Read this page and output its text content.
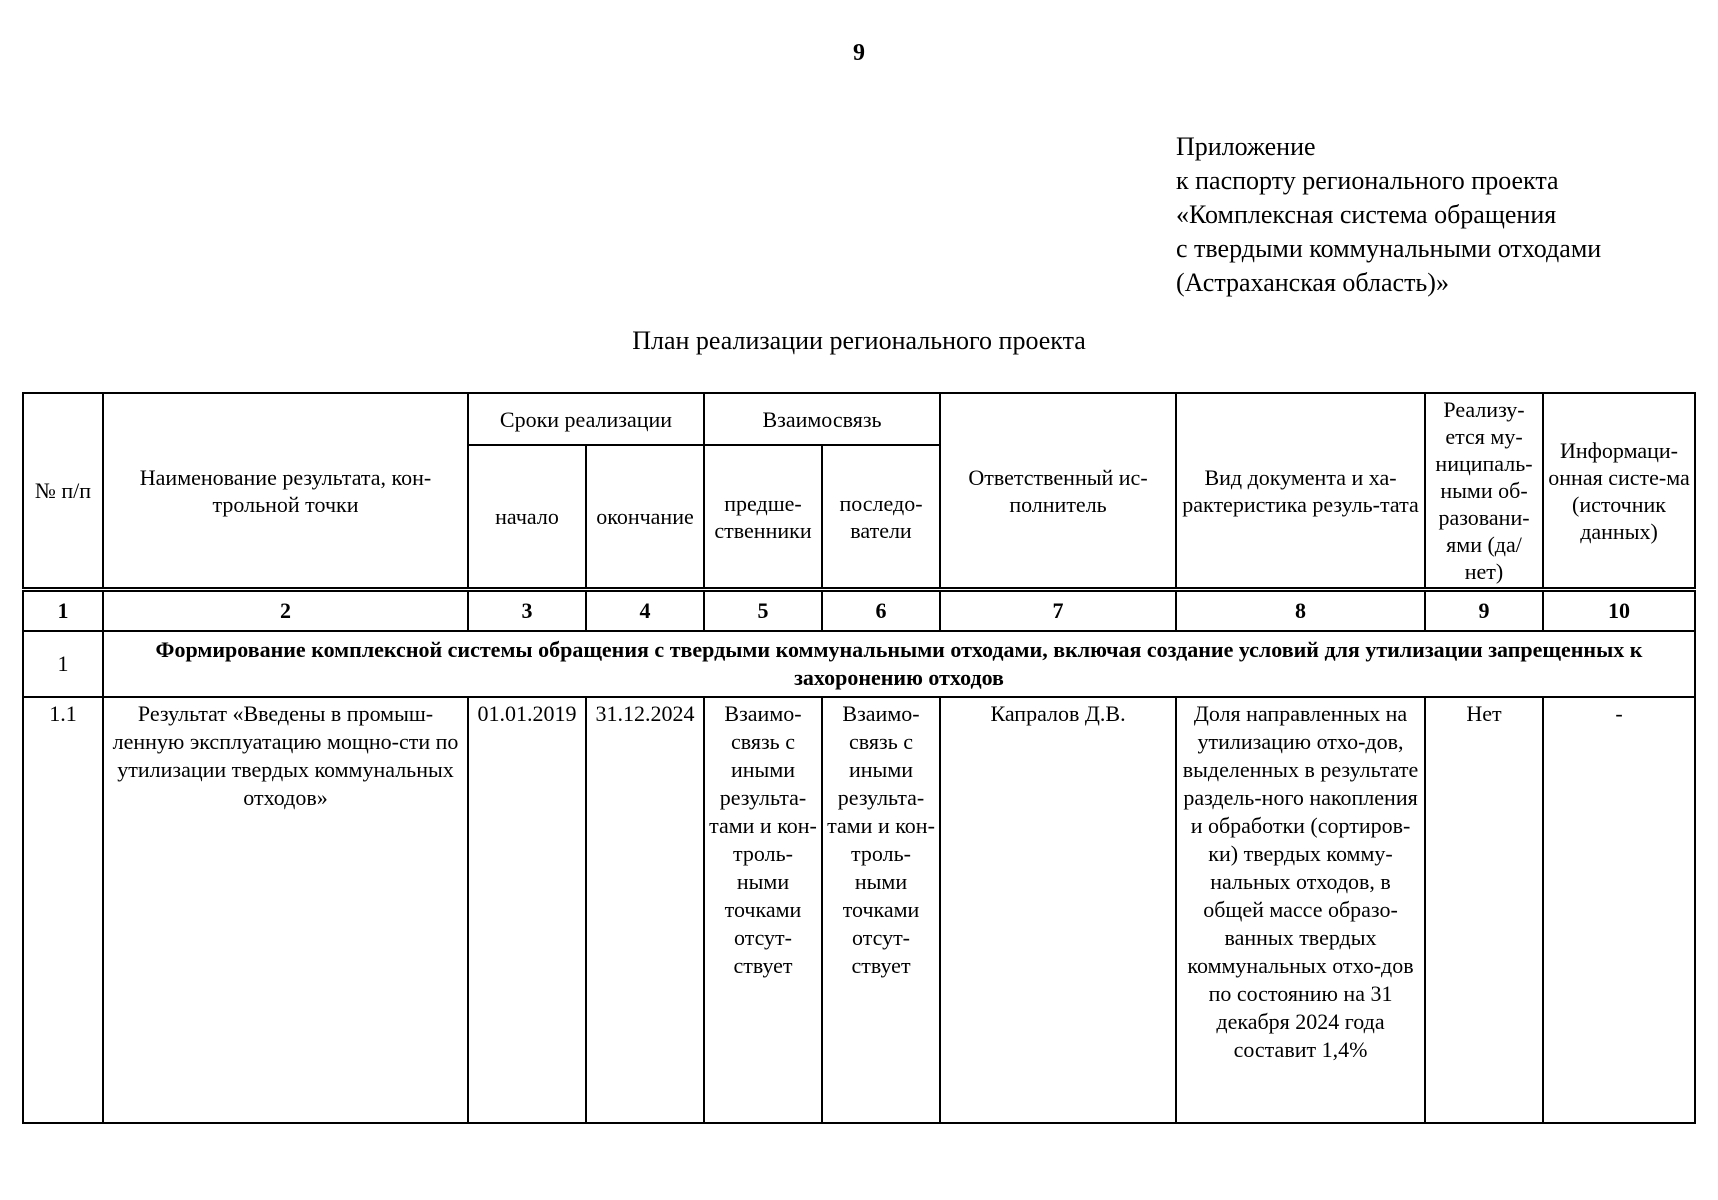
9
Приложение
к паспорту регионального проекта
«Комплексная система обращения
с твердыми коммунальными отходами
(Астраханская область)»
План реализации регионального проекта
№ п/п	Наименование результата, кон-трольной точки	Сроки реализации		Взаимосвязь		Ответственный ис-полнитель	Вид документа и ха-рактеристика резуль-тата	Реализу-ется му-ниципаль-ными об-разовани-ями (да/нет)	Информаци-онная систе-ма (источник данных)
		начало	окончание	предше-ственники	последо-ватели				
1	2	3	4	5	6	7	8	9	10
1	Формирование комплексной системы обращения с твердыми коммунальными отходами, включая создание условий для утилизации запрещенных к захоронению отходов								
1.1	Результат «Введены в промыш-ленную эксплуатацию мощно-сти по утилизации твердых коммунальных отходов»	01.01.2019	31.12.2024	Взаимо-связь с иными результа-тами и кон-троль-ными точками отсут-ствует	Взаимо-связь с иными результа-тами и кон-троль-ными точками отсут-ствует	Капралов Д.В.	Доля направленных на утилизацию отхо-дов, выделенных в результате раздель-ного накопления и обработки (сортиров-ки) твердых комму-нальных отходов, в общей массе образо-ванных твердых коммунальных отхо-дов по состоянию на 31 декабря 2024 года составит 1,4%	Нет	-
